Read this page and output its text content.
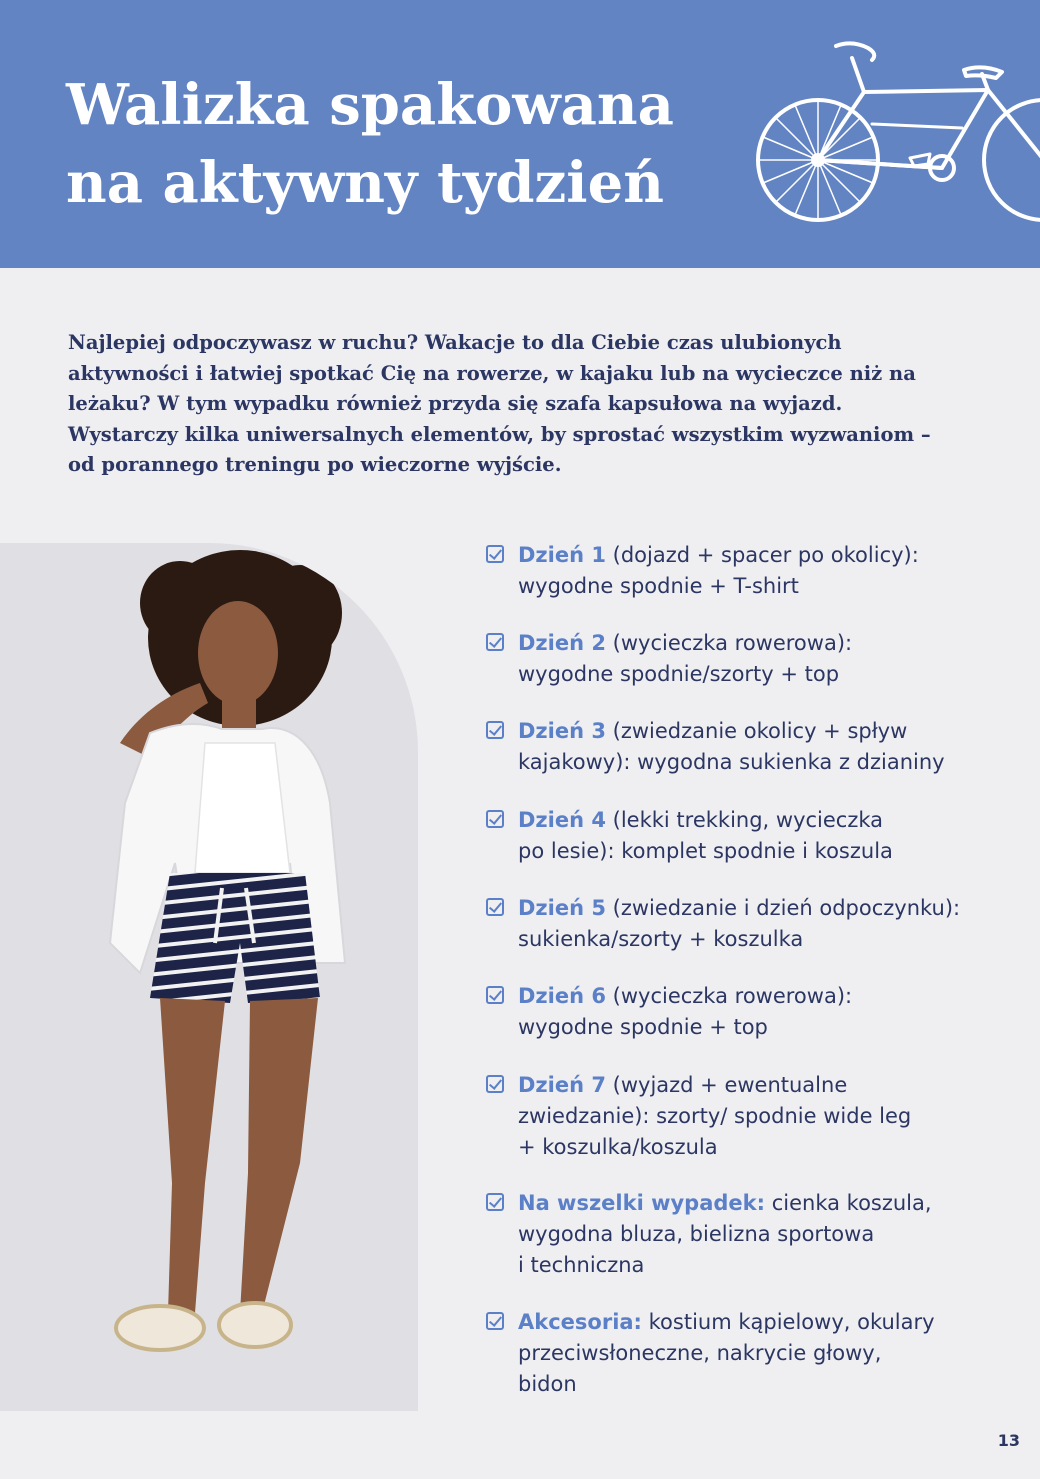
Walizka spakowana
na aktywny tydzień

Najlepiej odpoczywasz w ruchu? Wakacje to dla Ciebie czas ulubionych aktywności i łatwiej spotkać Cię na rowerze, w kajaku lub na wycieczce niż na leżaku? W tym wypadku również przyda się szafa kapsułowa na wyjazd. Wystarczy kilka uniwersalnych elementów, by sprostać wszystkim wyzwaniom – od porannego treningu po wieczorne wyjście.

Dzień 1 (dojazd + spacer po okolicy):
wygodne spodnie + T-shirt
Dzień 2 (wycieczka rowerowa):
wygodne spodnie/szorty + top
Dzień 3 (zwiedzanie okolicy + spływ
kajakowy): wygodna sukienka z dzianiny
Dzień 4 (lekki trekking, wycieczka
po lesie): komplet spodnie i koszula
Dzień 5 (zwiedzanie i dzień odpoczynku):
sukienka/szorty + koszulka
Dzień 6 (wycieczka rowerowa):
wygodne spodnie + top
Dzień 7 (wyjazd + ewentualne
zwiedzanie): szorty/ spodnie wide leg
+ koszulka/koszula
Na wszelki wypadek: cienka koszula,
wygodna bluza, bielizna sportowa
i techniczna
Akcesoria: kostium kąpielowy, okulary
przeciwsłoneczne, nakrycie głowy,
bidon
13
